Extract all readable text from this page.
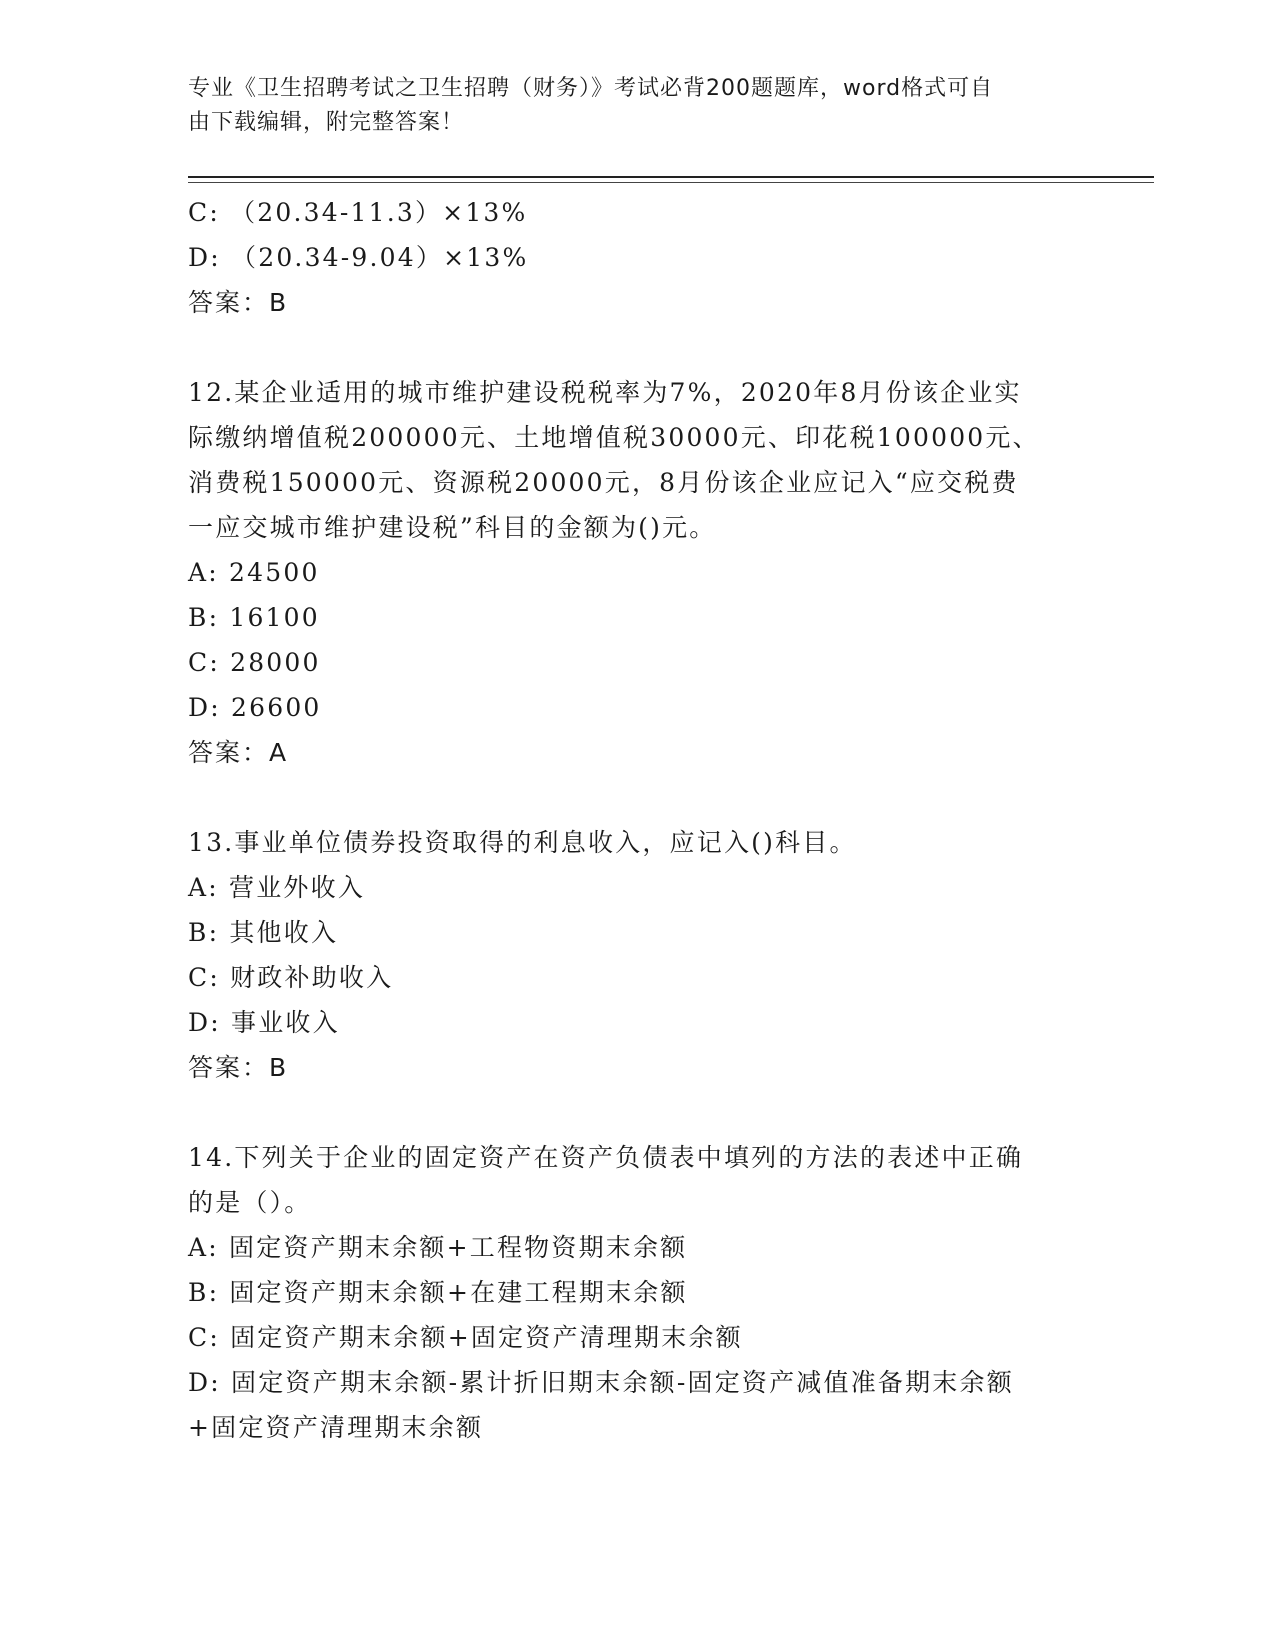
专业《卫生招聘考试之卫生招聘（财务）》考试必背200题题库，word格式可自
由下载编辑，附完整答案！
C: （20.34-11.3）×13%
D: （20.34-9.04）×13%
答案：B
12.某企业适用的城市维护建设税税率为7%，2020年8月份该企业实
际缴纳增值税200000元、土地增值税30000元、印花税100000元、
消费税150000元、资源税20000元，8月份该企业应记入“应交税费
一应交城市维护建设税”科目的金额为()元。
A: 24500
B: 16100
C: 28000
D: 26600
答案：A
13.事业单位债券投资取得的利息收入，应记入()科目。
A: 营业外收入
B: 其他收入
C: 财政补助收入
D: 事业收入
答案：B
14.下列关于企业的固定资产在资产负债表中填列的方法的表述中正确
的是（）。
A: 固定资产期末余额+工程物资期末余额
B: 固定资产期末余额+在建工程期末余额
C: 固定资产期末余额+固定资产清理期末余额
D: 固定资产期末余额-累计折旧期末余额-固定资产减值准备期末余额
+固定资产清理期末余额
